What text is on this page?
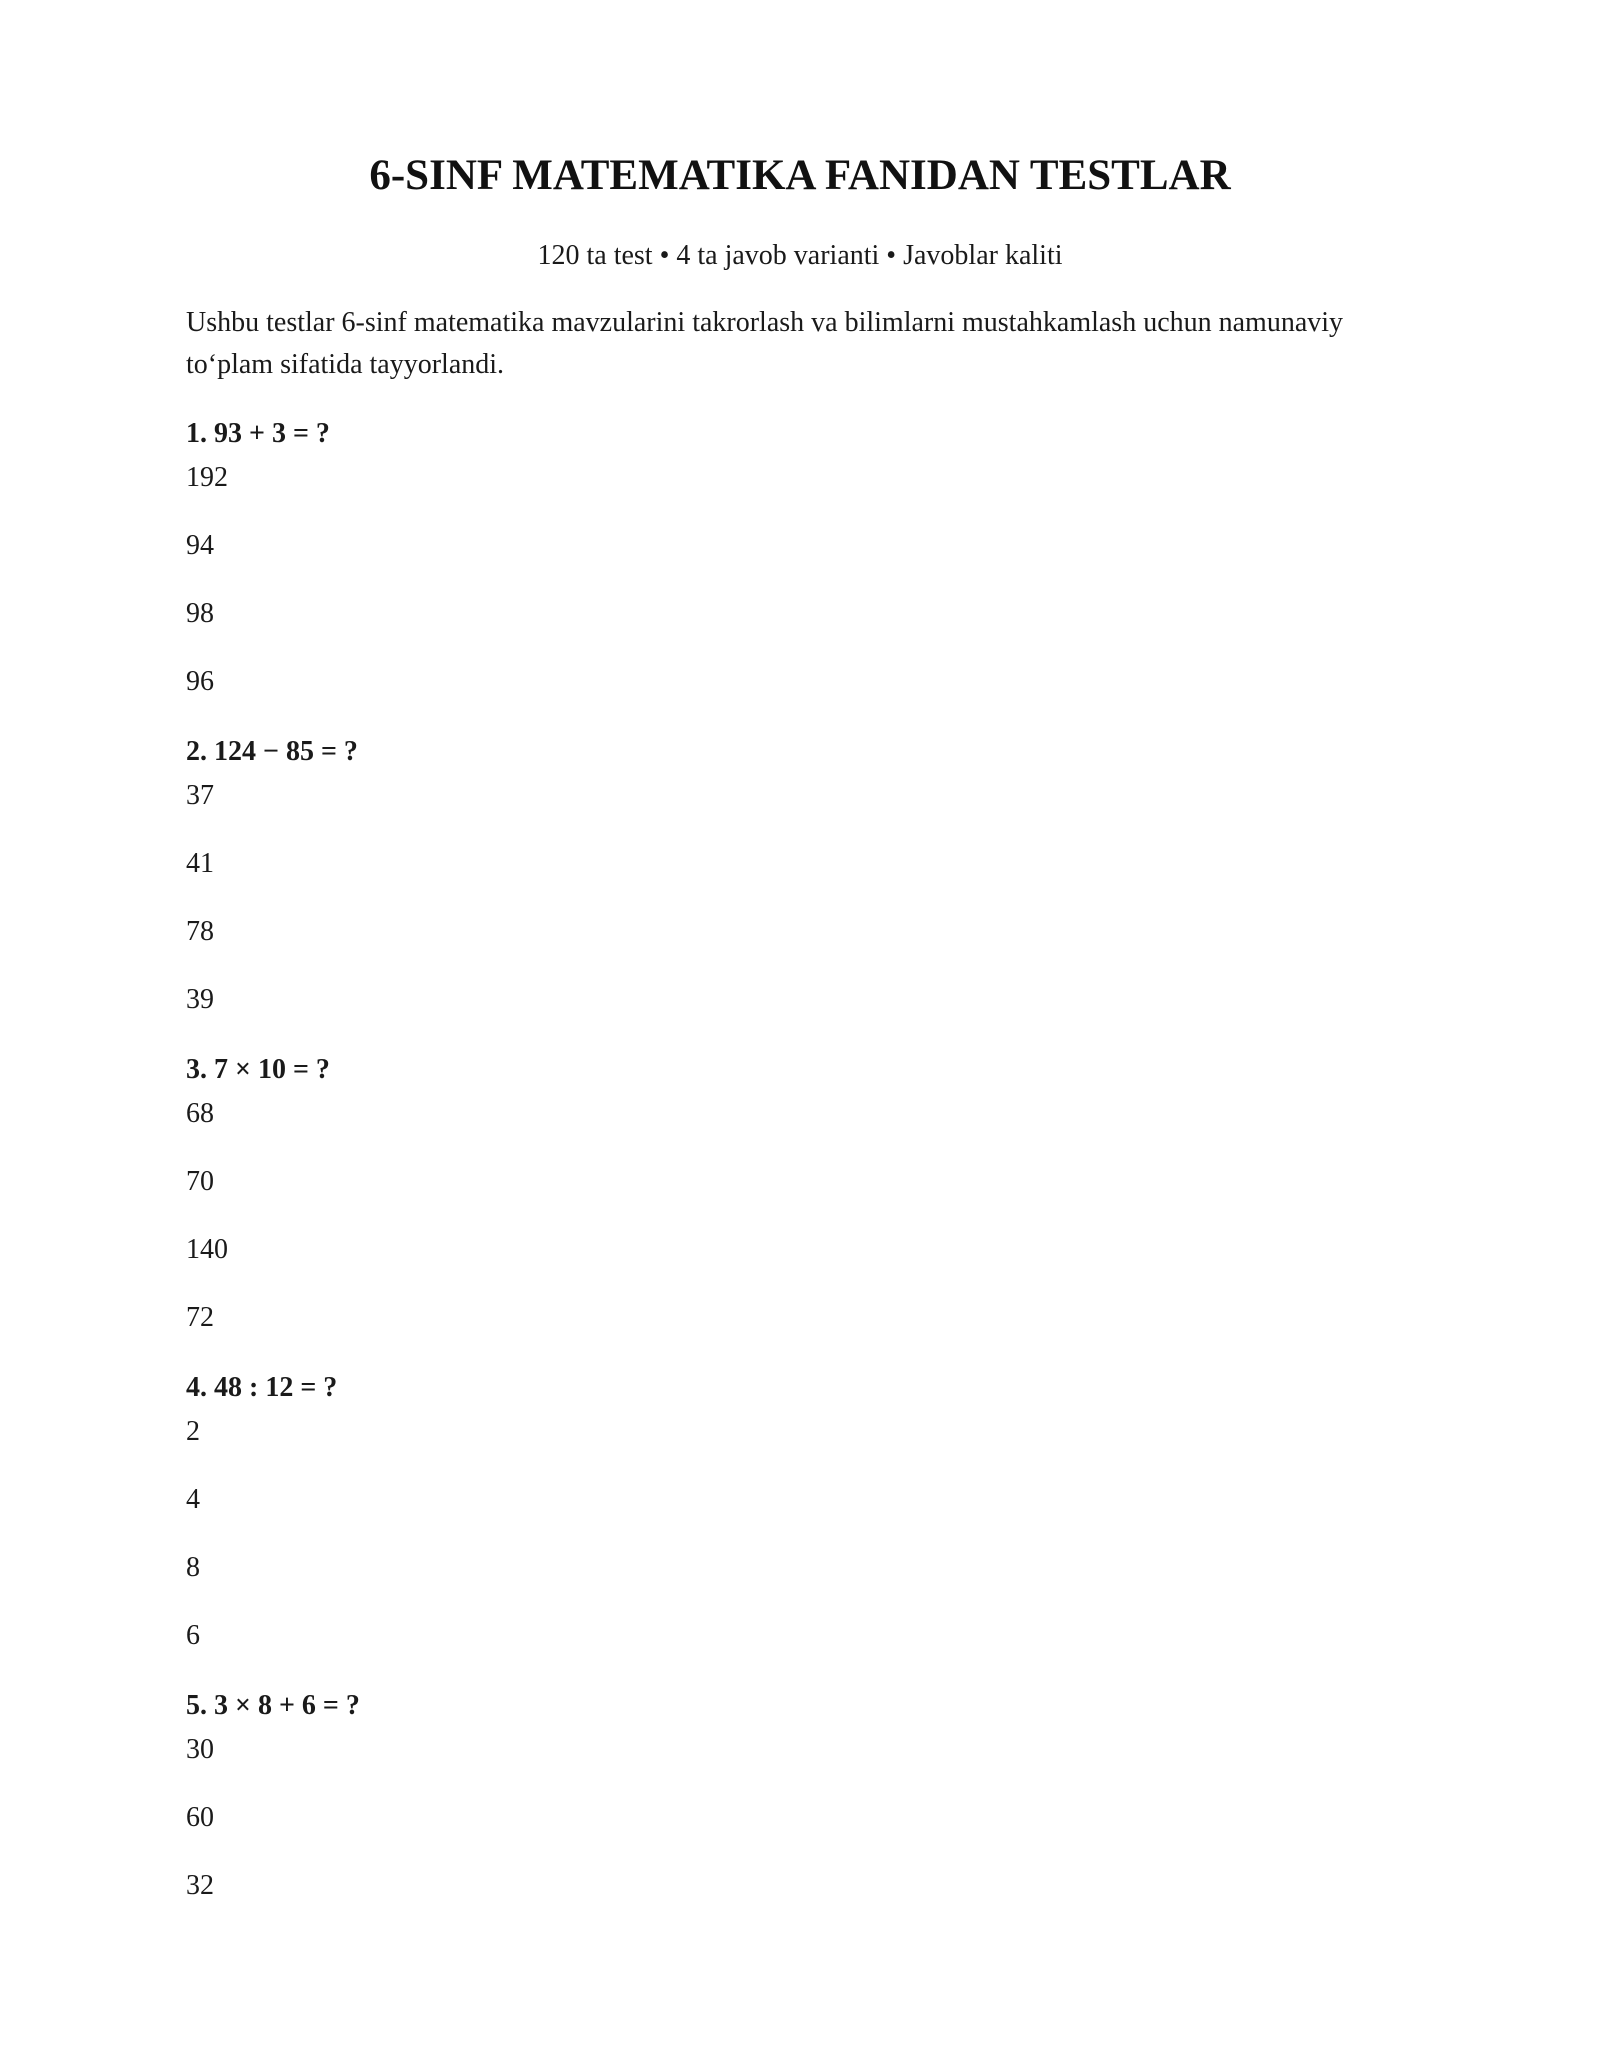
6-SINF MATEMATIKA FANIDAN TESTLAR

120 ta test • 4 ta javob varianti • Javoblar kaliti

Ushbu testlar 6-sinf matematika mavzularini takrorlash va bilimlarni mustahkamlash uchun namunaviy to‘plam sifatida tayyorlandi.

1. 93 + 3 = ?
192
94
98
96
2. 124 − 85 = ?
37
41
78
39
3. 7 × 10 = ?
68
70
140
72
4. 48 : 12 = ?
2
4
8
6
5. 3 × 8 + 6 = ?
30
60
32
